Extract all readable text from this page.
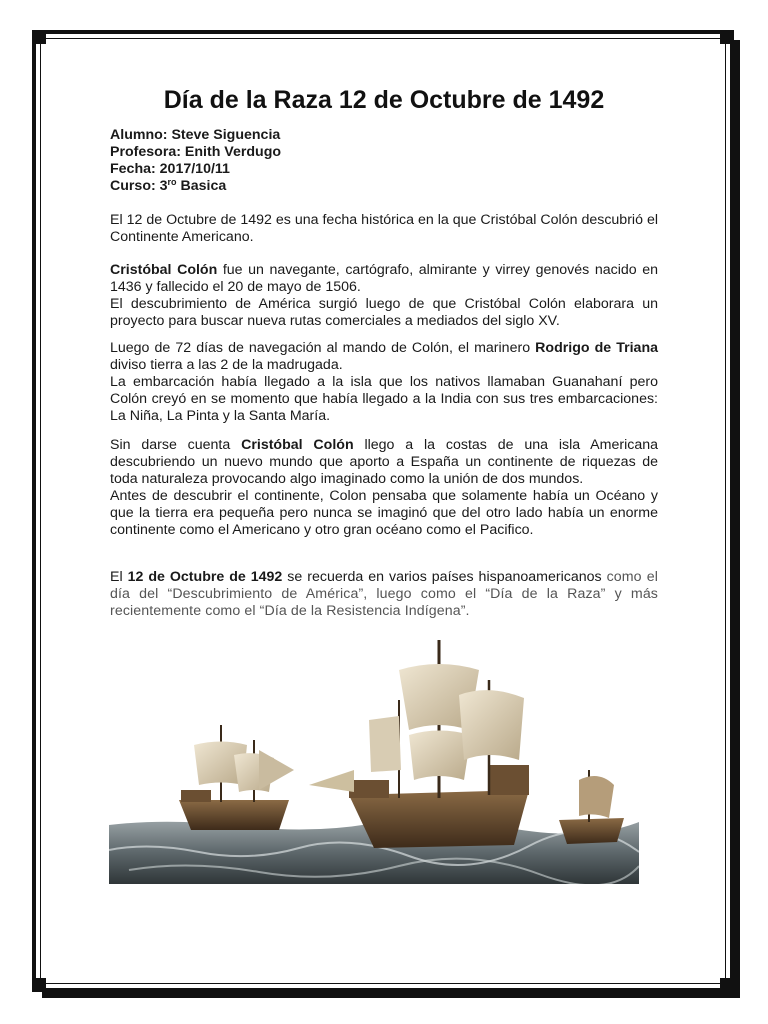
Día de la Raza 12 de Octubre de 1492
Alumno: Steve Siguencia
Profesora: Enith Verdugo
Fecha: 2017/10/11
Curso: $3^{ro}$ Basica

El 12 de Octubre de 1492 es una fecha histórica en la que Cristóbal Colón descubrió el Continente Americano.

Cristóbal Colón fue un navegante, cartógrafo, almirante y virrey genovés nacido en 1436 y fallecido el 20 de mayo de 1506.

El descubrimiento de América surgió luego de que Cristóbal Colón elaborara un proyecto para buscar nueva rutas comerciales a mediados del siglo XV.

Luego de 72 días de navegación al mando de Colón, el marinero Rodrigo de Triana diviso tierra a las 2 de la madrugada.

La embarcación había llegado a la isla que los nativos llamaban Guanahaní pero Colón creyó en se momento que había llegado a la India con sus tres embarcaciones: La Niña, La Pinta y la Santa María.

Sin darse cuenta Cristóbal Colón llego a la costas de una isla Americana descubriendo un nuevo mundo que aporto a España un continente de riquezas de toda naturaleza provocando algo imaginado como la unión de dos mundos.

Antes de descubrir el continente, Colon pensaba que solamente había un Océano y que la tierra era pequeña pero nunca se imaginó que del otro lado había un enorme continente como el Americano y otro gran océano como el Pacifico.

El 12 de Octubre de 1492 se recuerda en varios países hispanoamericanos como el día del “Descubrimiento de América”, luego como el “Día de la Raza” y más recientemente como el “Día de la Resistencia Indígena”.
